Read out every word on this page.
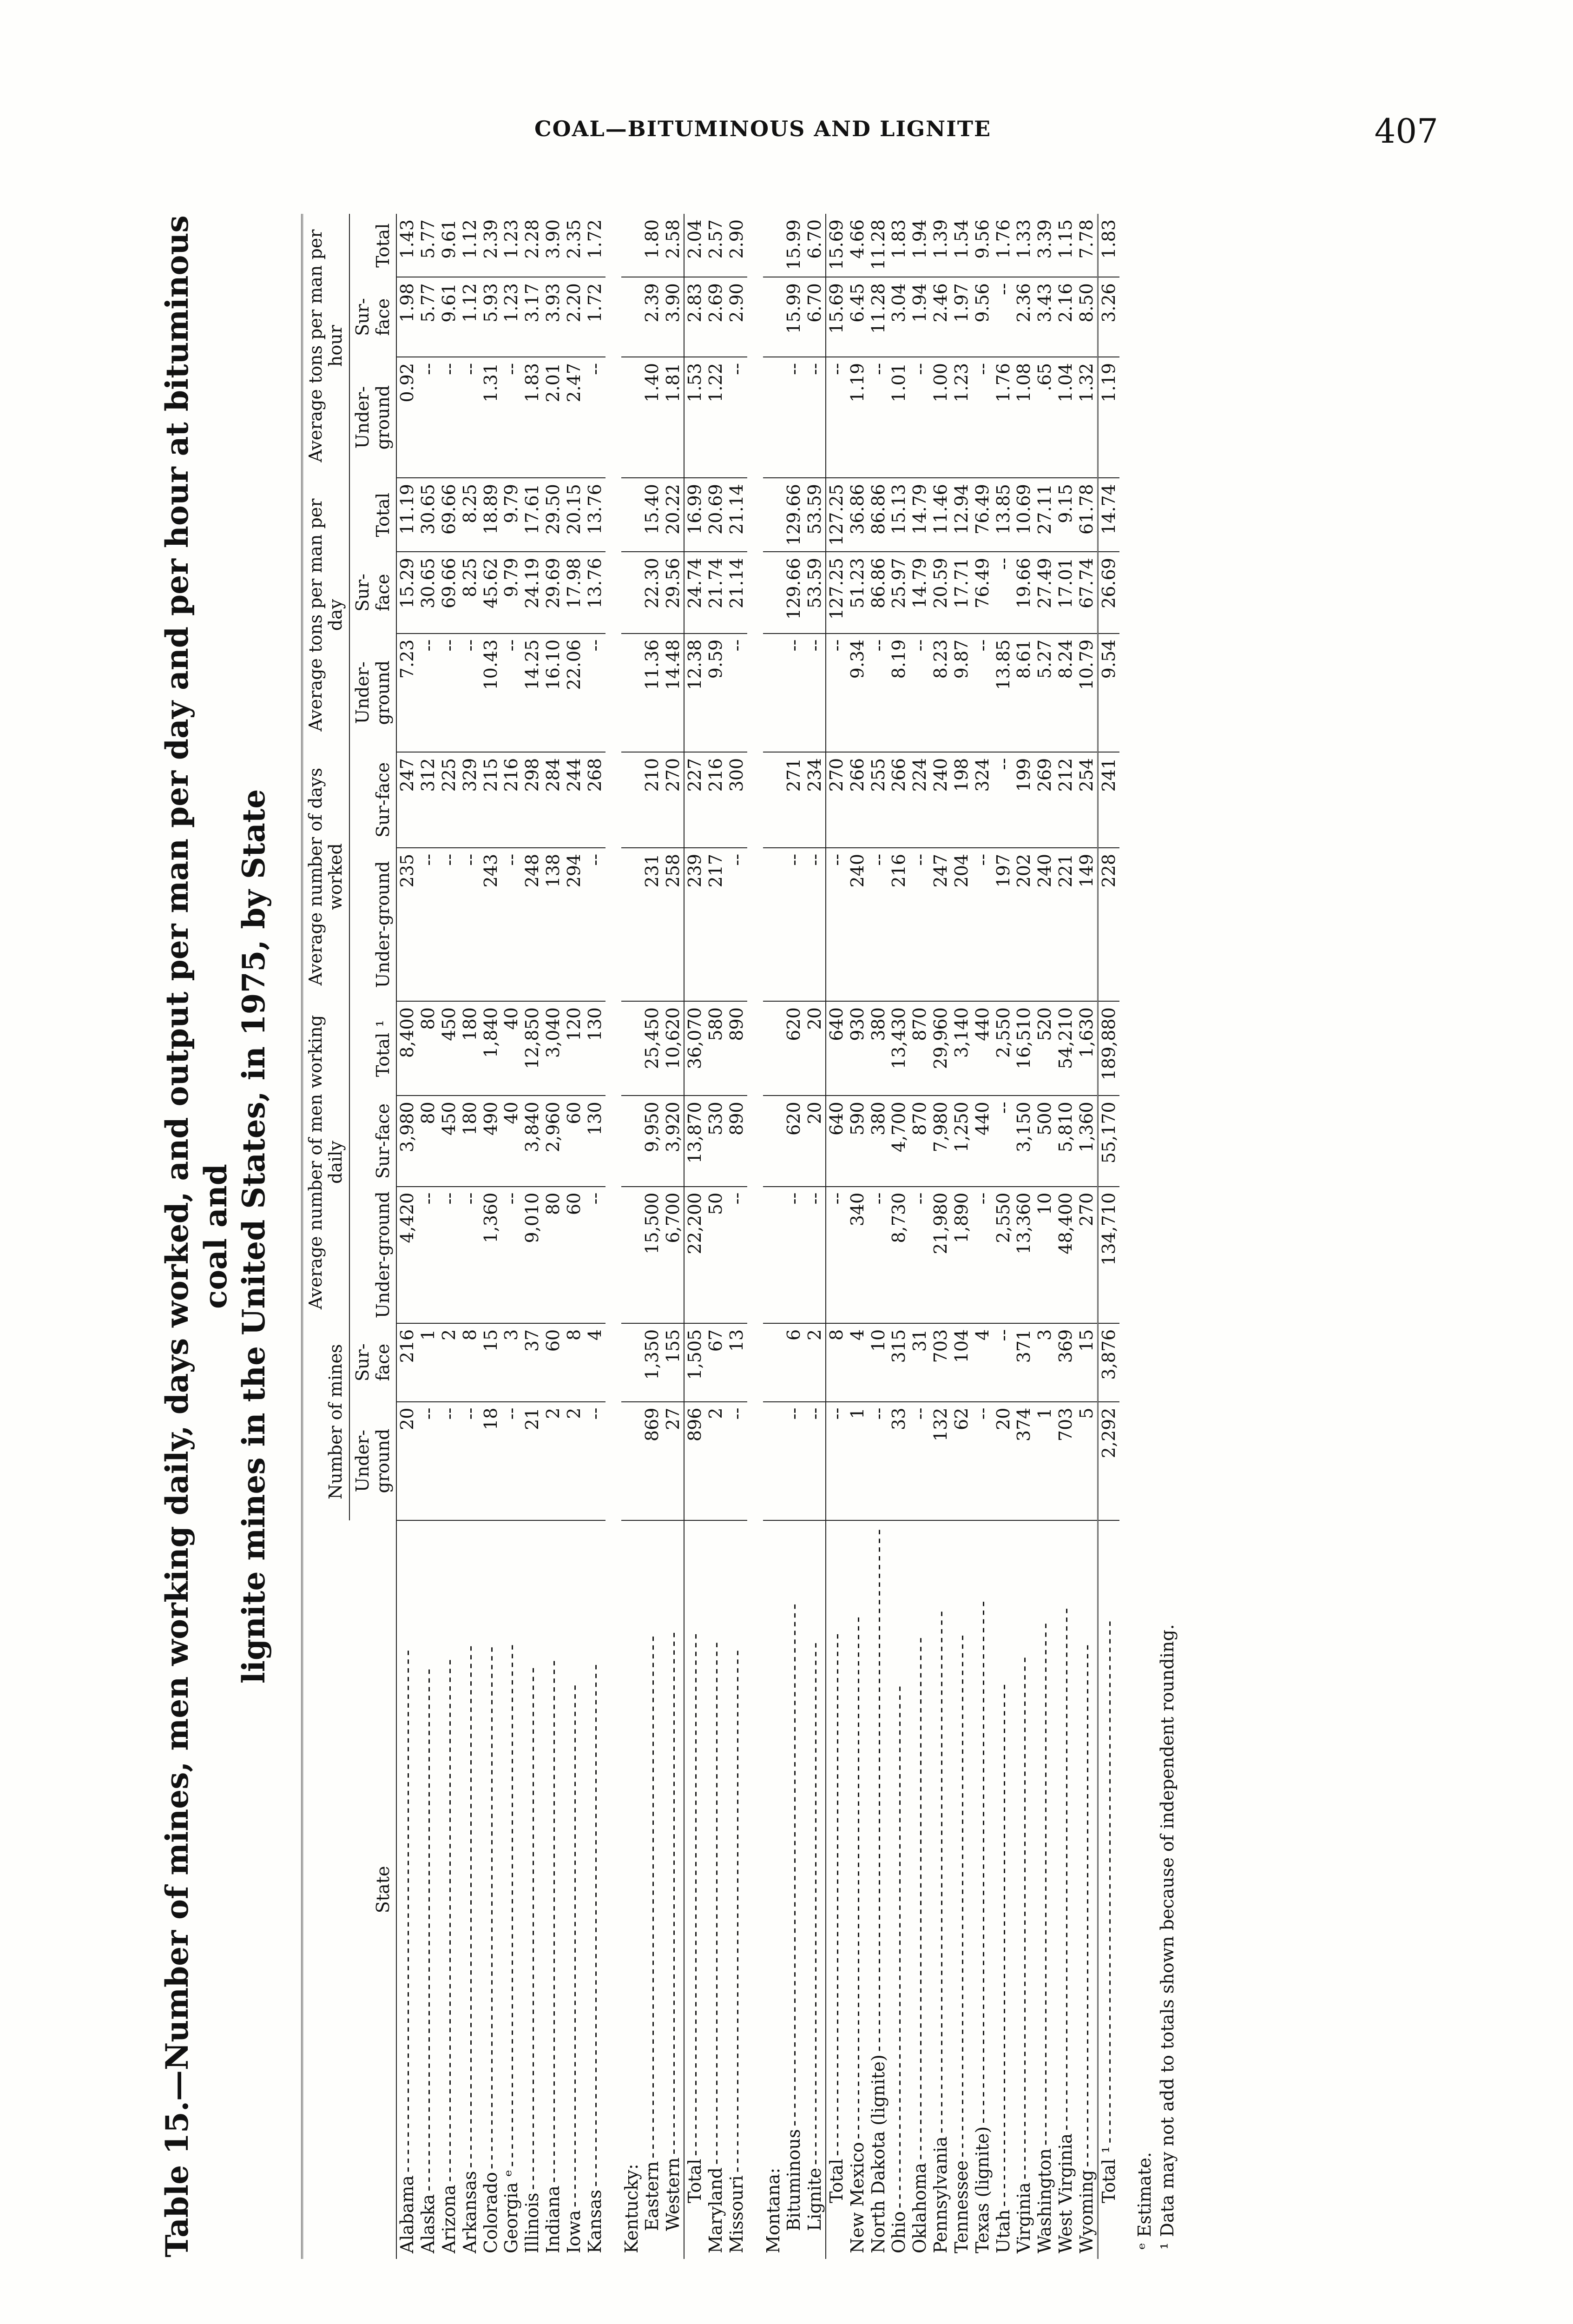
COAL—BITUMINOUS AND LIGNITE	407
Table 15.—Number of mines, men working daily, days worked, and output per man per day and per hour at bituminous coal and lignite mines in the United States, in 1975, by State
State	Number of mines		Average number of men working daily			Average number of days worked		Average tons per man per day			Average tons per man per hour		
	Under-ground	Sur-face	Under-ground	Sur-face	Total ¹	Under-ground	Sur-face	Under-ground	Sur-face	Total	Under-ground	Sur-face	Total
Alabama------------------------------------------------------------	20	216	4,420	3,980	8,400	235	247	7.23	15.29	11.19	0.92	1.98	1.43
Alaska------------------------------------------------------------	--	1	--	80	80	--	312	--	30.65	30.65	--	5.77	5.77
Arizona------------------------------------------------------------	--	2	--	450	450	--	225	--	69.66	69.66	--	9.61	9.61
Arkansas------------------------------------------------------------	--	8	--	180	180	--	329	--	8.25	8.25	--	1.12	1.12
Colorado------------------------------------------------------------	18	15	1,360	490	1,840	243	215	10.43	45.62	18.89	1.31	5.93	2.39
Georgia ᵉ------------------------------------------------------------	--	3	--	40	40	--	216	--	9.79	9.79	--	1.23	1.23
Illinois------------------------------------------------------------	21	37	9,010	3,840	12,850	248	298	14.25	24.19	17.61	1.83	3.17	2.28
Indiana------------------------------------------------------------	2	60	80	2,960	3,040	138	284	16.10	29.69	29.50	2.01	3.93	3.90
Iowa------------------------------------------------------------	2	8	60	60	120	294	244	22.06	17.98	20.15	2.47	2.20	2.35
Kansas------------------------------------------------------------	--	4	--	130	130	--	268	--	13.76	13.76	--	1.72	1.72

Kentucky:													
Eastern------------------------------------------------------------	869	1,350	15,500	9,950	25,450	231	210	11.36	22.30	15.40	1.40	2.39	1.80
Western------------------------------------------------------------	27	155	6,700	3,920	10,620	258	270	14.48	29.56	20.22	1.81	3.90	2.58
Total------------------------------------------------------------	896	1,505	22,200	13,870	36,070	239	227	12.38	24.74	16.99	1.53	2.83	2.04
Maryland------------------------------------------------------------	2	67	50	530	580	217	216	9.59	21.74	20.69	1.22	2.69	2.57
Missouri------------------------------------------------------------	--	13	--	890	890	--	300	--	21.14	21.14	--	2.90	2.90

Montana:													
Bituminous------------------------------------------------------------	--	6	--	620	620	--	271	--	129.66	129.66	--	15.99	15.99
Lignite------------------------------------------------------------	--	2	--	20	20	--	234	--	53.59	53.59	--	6.70	6.70
Total------------------------------------------------------------	--	8	--	640	640	--	270	--	127.25	127.25	--	15.69	15.69
New Mexico------------------------------------------------------------	1	4	340	590	930	240	266	9.34	51.23	36.86	1.19	6.45	4.66
North Dakota (lignite)------------------------------------------------------------	--	10	--	380	380	--	255	--	86.86	86.86	--	11.28	11.28
Ohio------------------------------------------------------------	33	315	8,730	4,700	13,430	216	266	8.19	25.97	15.13	1.01	3.04	1.83
Oklahoma------------------------------------------------------------	--	31	--	870	870	--	224	--	14.79	14.79	--	1.94	1.94
Pennsylvania------------------------------------------------------------	132	703	21,980	7,980	29,960	247	240	8.23	20.59	11.46	1.00	2.46	1.39
Tennessee------------------------------------------------------------	62	104	1,890	1,250	3,140	204	198	9.87	17.71	12.94	1.23	1.97	1.54
Texas (lignite)------------------------------------------------------------	--	4	--	440	440	--	324	--	76.49	76.49	--	9.56	9.56
Utah------------------------------------------------------------	20	--	2,550	--	2,550	197	--	13.85	--	13.85	1.76	--	1.76
Virginia------------------------------------------------------------	374	371	13,360	3,150	16,510	202	199	8.61	19.66	10.69	1.08	2.36	1.33
Washington------------------------------------------------------------	1	3	10	500	520	240	269	5.27	27.49	27.11	.65	3.43	3.39
West Virginia------------------------------------------------------------	703	369	48,400	5,810	54,210	221	212	8.24	17.01	9.15	1.04	2.16	1.15
Wyoming------------------------------------------------------------	5	15	270	1,360	1,630	149	254	10.79	67.74	61.78	1.32	8.50	7.78
Total ¹------------------------------------------------------------	2,292	3,876	134,710	55,170	189,880	228	241	9.54	26.69	14.74	1.19	3.26	1.83
ᵉ Estimate. ¹ Data may not add to totals shown because of independent rounding.
